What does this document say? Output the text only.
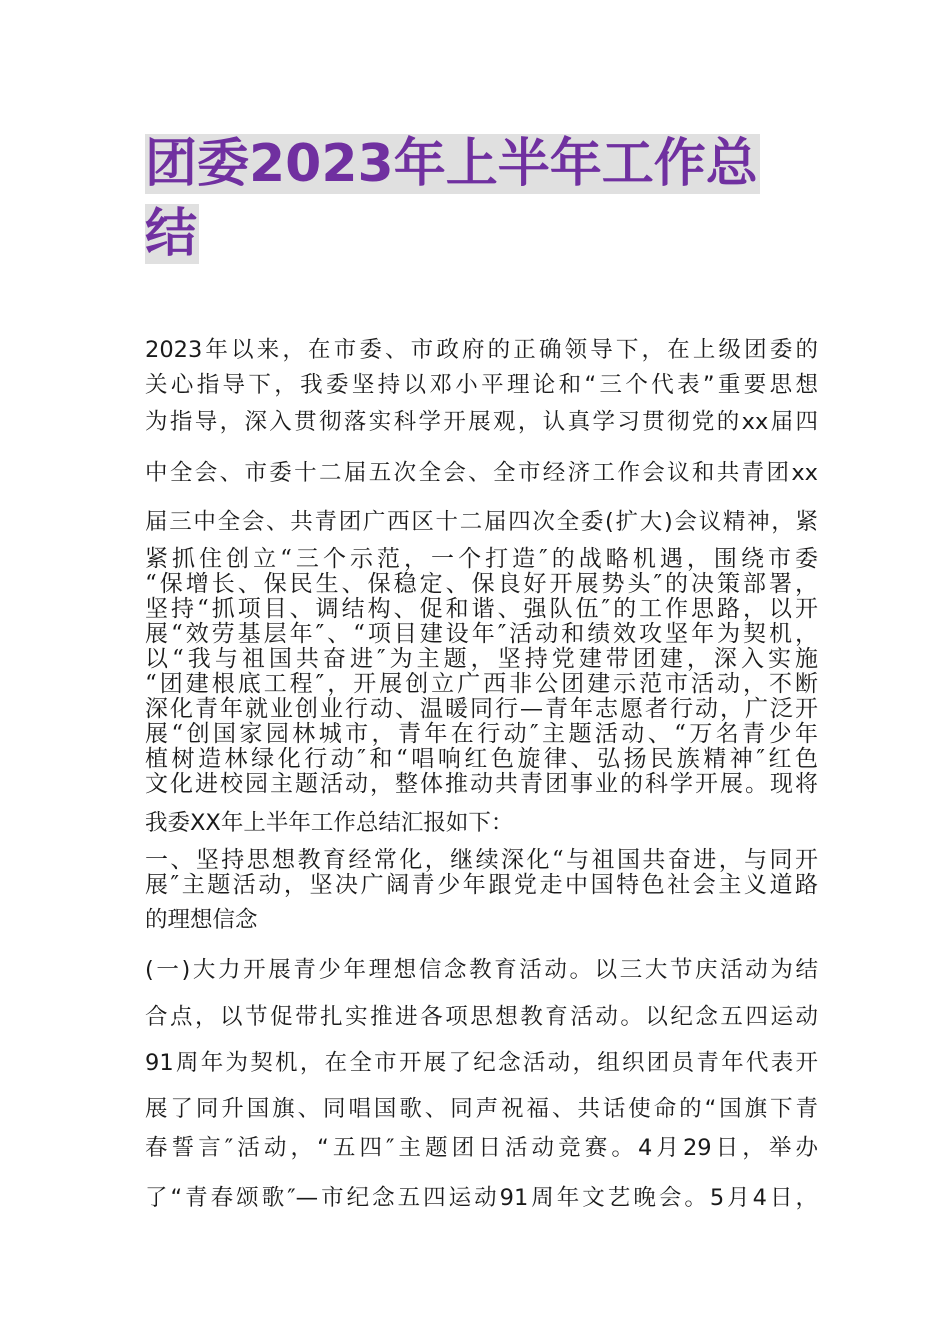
团委2023年上半年工作总
结
2023年以来，在市委、市政府的正确领导下，在上级团委的
关心指导下，我委坚持以邓小平理论和“三个代表”重要思想
为指导，深入贯彻落实科学开展观，认真学习贯彻党的xx届四
中全会、市委十二届五次全会、全市经济工作会议和共青团xx
届三中全会、共青团广西区十二届四次全委(扩大)会议精神，紧
紧抓住创立“三个示范，一个打造″的战略机遇，围绕市委
“保增长、保民生、保稳定、保良好开展势头″的决策部署，
坚持“抓项目、调结构、促和谐、强队伍″的工作思路，以开
展“效劳基层年″、“项目建设年″活动和绩效攻坚年为契机，
以“我与祖国共奋进″为主题，坚持党建带团建，深入实施
“团建根底工程″，开展创立广西非公团建示范市活动，不断
深化青年就业创业行动、温暖同行—青年志愿者行动，广泛开
展“创国家园林城市，青年在行动″主题活动、“万名青少年
植树造林绿化行动″和“唱响红色旋律、弘扬民族精神″红色
文化进校园主题活动，整体推动共青团事业的科学开展。现将
我委XX年上半年工作总结汇报如下：
一、坚持思想教育经常化，继续深化“与祖国共奋进，与同开
展″主题活动，坚决广阔青少年跟党走中国特色社会主义道路
的理想信念
(一)大力开展青少年理想信念教育活动。以三大节庆活动为结
合点，以节促带扎实推进各项思想教育活动。以纪念五四运动
91周年为契机，在全市开展了纪念活动，组织团员青年代表开
展了同升国旗、同唱国歌、同声祝福、共话使命的“国旗下青
春誓言″活动，“五四″主题团日活动竞赛。4月29日，举办
了“青春颂歌″—市纪念五四运动91周年文艺晚会。5月4日，
